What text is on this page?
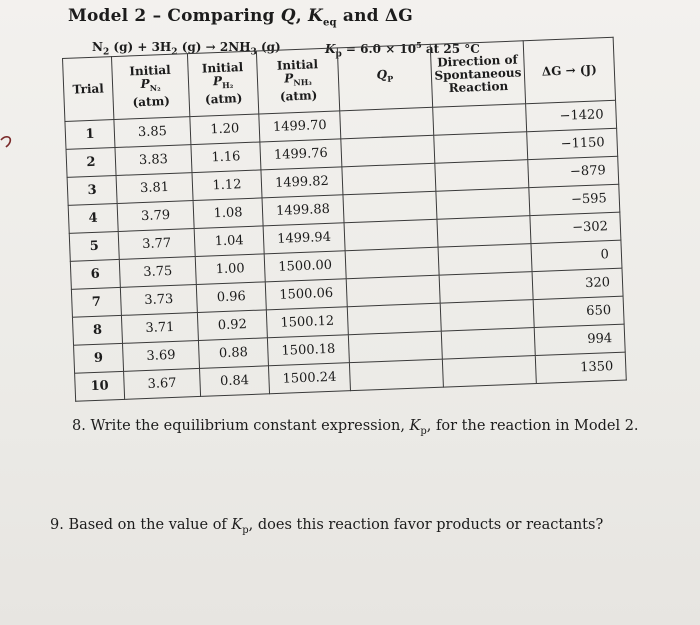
Model 2 – Comparing Q, $K_{eq}$ and ΔG
$N_2$ $(g) + 3H_2$ $(g) \to 2NH_3$ (g)	$K_p = 6.0 \times 10^5$ at 25 °C
Trial	Initial
$P_{N_2}$
(atm)	Initial
$P_{H_2}$
(atm)	Initial
$P_{NH_3}$
(atm)	$Q_P$	Direction of
Spontaneous
Reaction	ΔG → (J)
1	3.85	1.20	1499.70			−1420
2	3.83	1.16	1499.76			−1150
3	3.81	1.12	1499.82			−879
4	3.79	1.08	1499.88			−595
5	3.77	1.04	1499.94			−302
6	3.75	1.00	1500.00			0
7	3.73	0.96	1500.06			320
8	3.71	0.92	1500.12			650
9	3.69	0.88	1500.18			994
10	3.67	0.84	1500.24			1350
8. Write the equilibrium constant expression, $K_p$, for the reaction in Model 2.
9. Based on the value of $K_p$, does this reaction favor products or reactants?
